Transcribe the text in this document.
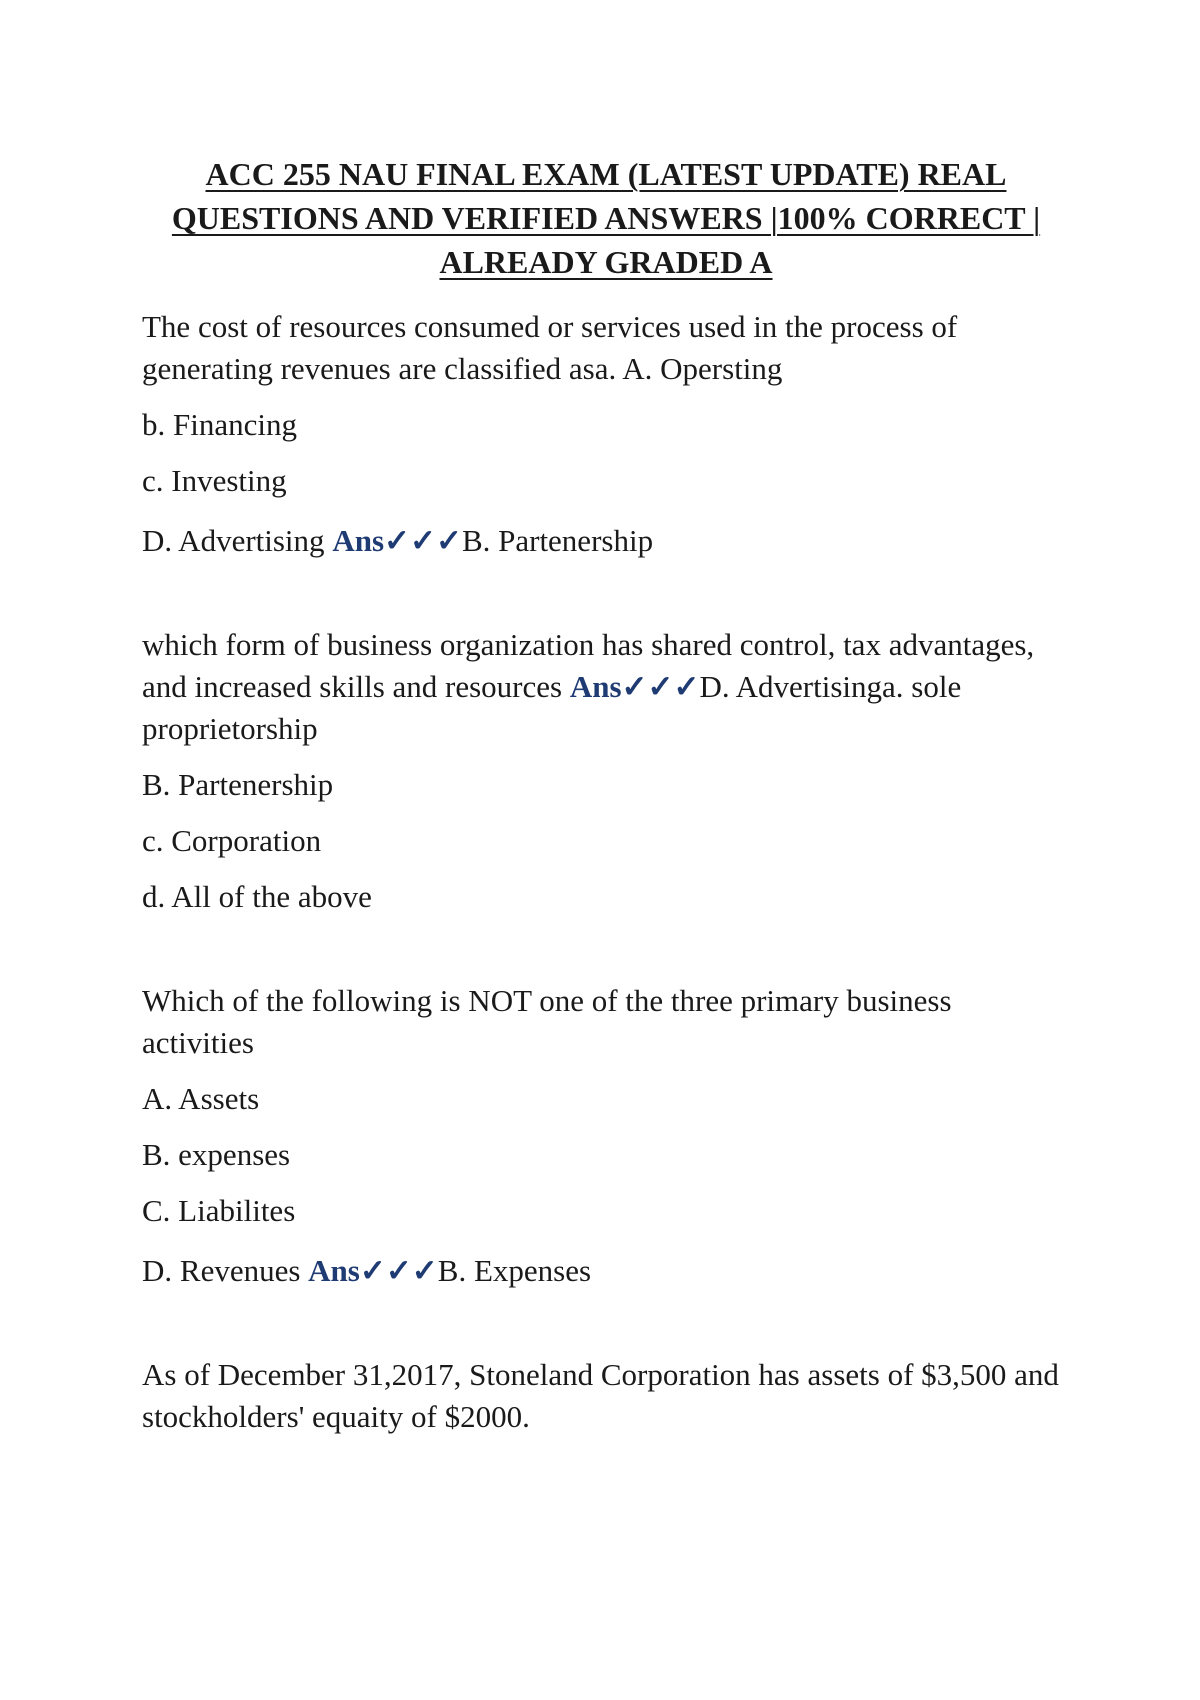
ACC 255 NAU FINAL EXAM (LATEST UPDATE) REAL
QUESTIONS AND VERIFIED ANSWERS |100% CORRECT |
ALREADY GRADED A

The cost of resources consumed or services used in the process of generating revenues are classified asa. A. Opersting

b. Financing

c. Investing

D. Advertising Ans✓✓✓B. Partenership

which form of business organization has shared control, tax advantages, and increased skills and resources Ans✓✓✓D. Advertisinga. sole proprietorship

B. Partenership

c. Corporation

d. All of the above

Which of the following is NOT one of the three primary business activities

A. Assets

B. expenses

C. Liabilites

D. Revenues Ans✓✓✓B. Expenses

As of December 31,2017, Stoneland Corporation has assets of $3,500 and stockholders' equaity of $2000.
